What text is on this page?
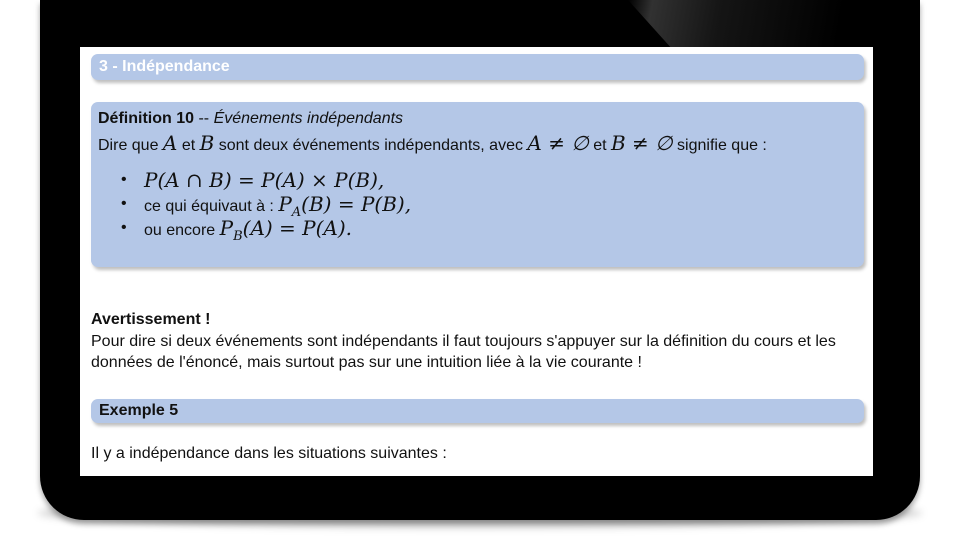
3 - Indépendance
Définition 10 -- Événements indépendants
Dire que A et B sont deux événements indépendants, avec A ≠ ∅ et B ≠ ∅ signifie que :
• P(A ∩ B) = P(A) × P(B),
• ce qui équivaut à : $P_A(B) = P(B)$,
• ou encore $P_B(A) = P(A)$.
Avertissement !
Pour dire si deux événements sont indépendants il faut toujours s'appuyer sur la définition du cours et les données de l'énoncé, mais surtout pas sur une intuition liée à la vie courante !
Exemple 5
Il y a indépendance dans les situations suivantes :
